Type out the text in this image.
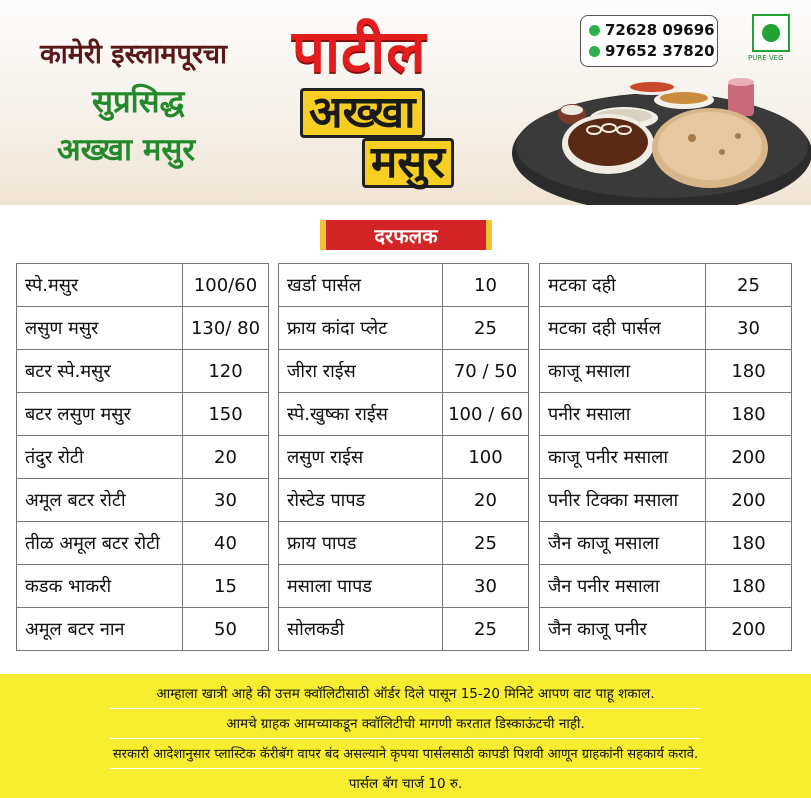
कामेरी इस्लामपूरचा
सुप्रसिद्ध
अख्खा मसुर
पाटील
अख्खा
मसुर
72628 09696
97652 37820	PURE VEG
दरफलक
स्पे.मसुर	100/60
लसुण मसुर	130/ 80
बटर स्पे.मसुर	120
बटर लसुण मसुर	150
तंदुर रोटी	20
अमूल बटर रोटी	30
तीळ अमूल बटर रोटी	40
कडक भाकरी	15
अमूल बटर नान	50
खर्डा पार्सल	10
फ्राय कांदा प्लेट	25
जीरा राईस	70 / 50
स्पे.खुष्का राईस	100 / 60
लसुण राईस	100
रोस्टेड पापड	20
फ्राय पापड	25
मसाला पापड	30
सोलकडी	25
मटका दही	25
मटका दही पार्सल	30
काजू मसाला	180
पनीर मसाला	180
काजू पनीर मसाला	200
पनीर टिक्का मसाला	200
जैन काजू मसाला	180
जैन पनीर मसाला	180
जैन काजू पनीर	200
आम्हाला खात्री आहे की उत्तम क्वॉलिटीसाठी ऑर्डर दिले पासून 15-20 मिनिटे आपण वाट पाहू शकाल.
आमचे ग्राहक आमच्याकडून क्वॉलिटीची मागणी करतात डिस्काऊंटची नाही.
सरकारी आदेशानुसार प्लास्टिक कॅरीबॅग वापर बंद असल्याने कृपया पार्सलसाठी कापडी पिशवी आणून ग्राहकांनी सहकार्य करावे.
पार्सल बॅग चार्ज 10 रु.
